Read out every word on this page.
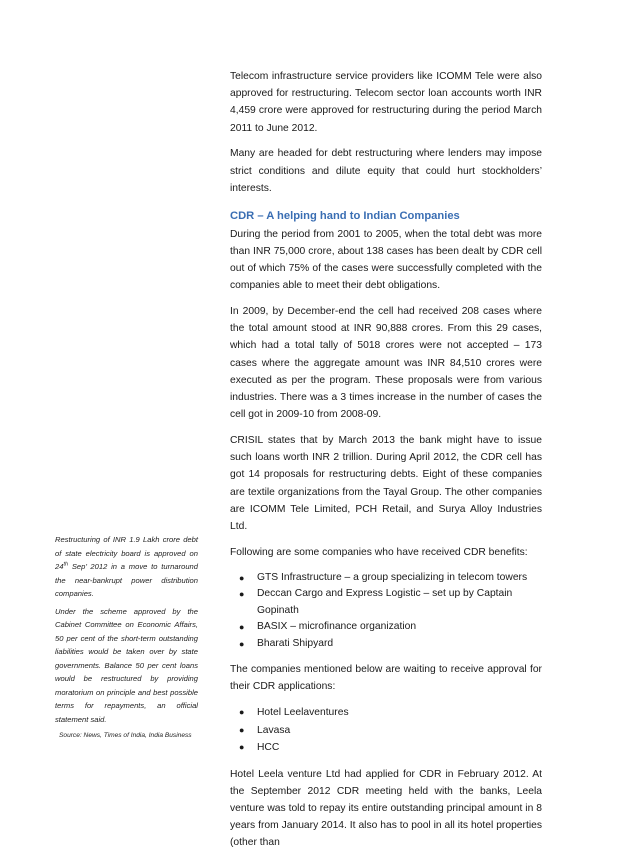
Telecom infrastructure service providers like ICOMM Tele were also approved for restructuring. Telecom sector loan accounts worth INR 4,459 crore were approved for restructuring during the period March 2011 to June 2012.

Many are headed for debt restructuring where lenders may impose strict conditions and dilute equity that could hurt stockholders’ interests.

CDR – A helping hand to Indian Companies

During the period from 2001 to 2005, when the total debt was more than INR 75,000 crore, about 138 cases has been dealt by CDR cell out of which 75% of the cases were successfully completed with the companies able to meet their debt obligations.

In 2009, by December-end the cell had received 208 cases where the total amount stood at INR 90,888 crores. From this 29 cases, which had a total tally of 5018 crores were not accepted – 173 cases where the aggregate amount was INR 84,510 crores were executed as per the program. These proposals were from various industries. There was a 3 times increase in the number of cases the cell got in 2009-10 from 2008-09.

CRISIL states that by March 2013 the bank might have to issue such loans worth INR 2 trillion. During April 2012, the CDR cell has got 14 proposals for restructuring debts. Eight of these companies are textile organizations from the Tayal Group. The other companies are ICOMM Tele Limited, PCH Retail, and Surya Alloy Industries Ltd.

Following are some companies who have received CDR benefits:

● GTS Infrastructure – a group specializing in telecom towers
● Deccan Cargo and Express Logistic – set up by Captain Gopinath
● BASIX – microfinance organization
● Bharati Shipyard

The companies mentioned below are waiting to receive approval for their CDR applications:

● Hotel Leelaventures
● Lavasa
● HCC

Hotel Leela venture Ltd had applied for CDR in February 2012. At the September 2012 CDR meeting held with the banks, Leela venture was told to repay its entire outstanding principal amount in 8 years from January 2014. It also has to pool in all its hotel properties (other than

Restructuring of INR 1.9 Lakh crore debt of state electricity board is approved on 24th Sep’ 2012 in a move to turnaround the near-bankrupt power distribution companies.

Under the scheme approved by the Cabinet Committee on Economic Affairs, 50 per cent of the short-term outstanding liabilities would be taken over by state governments. Balance 50 per cent loans would be restructured by providing moratorium on principle and best possible terms for repayments, an official statement said.

Source: News, Times of India, India Business
